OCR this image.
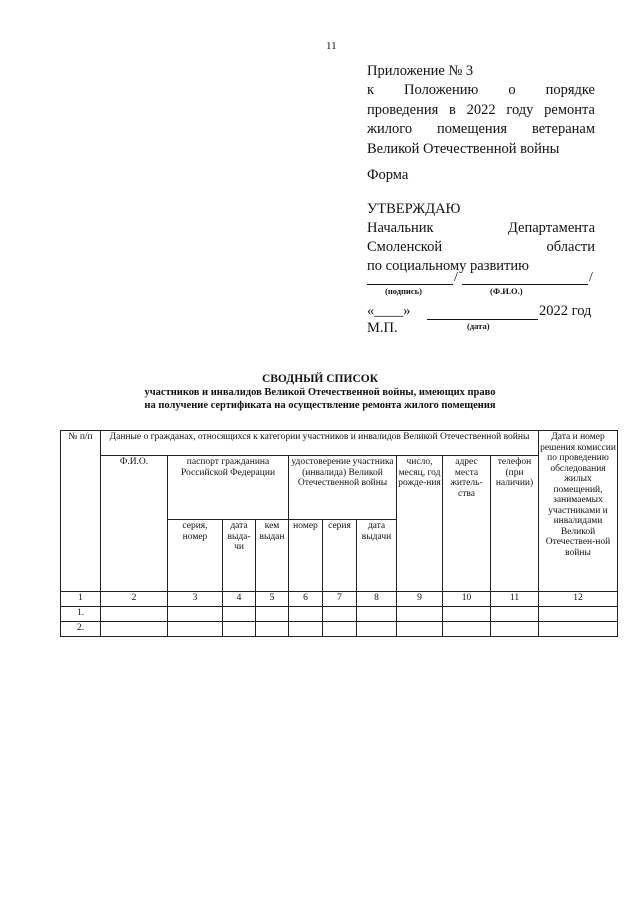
11
Приложение № 3
к Положению о порядке
проведения в 2022 году ремонта
жилого помещения ветеранам
Великой Отечественной войны
Форма
УТВЕРЖДАЮ
Начальник Департамента
Смоленской области
по социальному развитию
/	/
(подпись)	(Ф.И.О.)
«____»	2022 год
(дата)
М.П.
СВОДНЫЙ СПИСОК
участников и инвалидов Великой Отечественной войны, имеющих право
на получение сертификата на осуществление ремонта жилого помещения
№ п/п	Данные о гражданах, относящихся к категории участников и инвалидов Великой Отечественной войны										Дата и номер решения комиссии по проведению обследования жилых помещений, занимаемых участниками и инвалидами Великой Отечествен-ной войны
	Ф.И.О.	паспорт гражданина Российской Федерации			удостоверение участника (инвалида) Великой Отечественной войны			число, месяц, год рожде-ния	адрес места житель-ства	телефон (при наличии)	
		серия, номер	дата выда-чи	кем выдан	номер	серия	дата выдачи				
1	2	3	4	5	6	7	8	9	10	11	12
1.											
2.											
